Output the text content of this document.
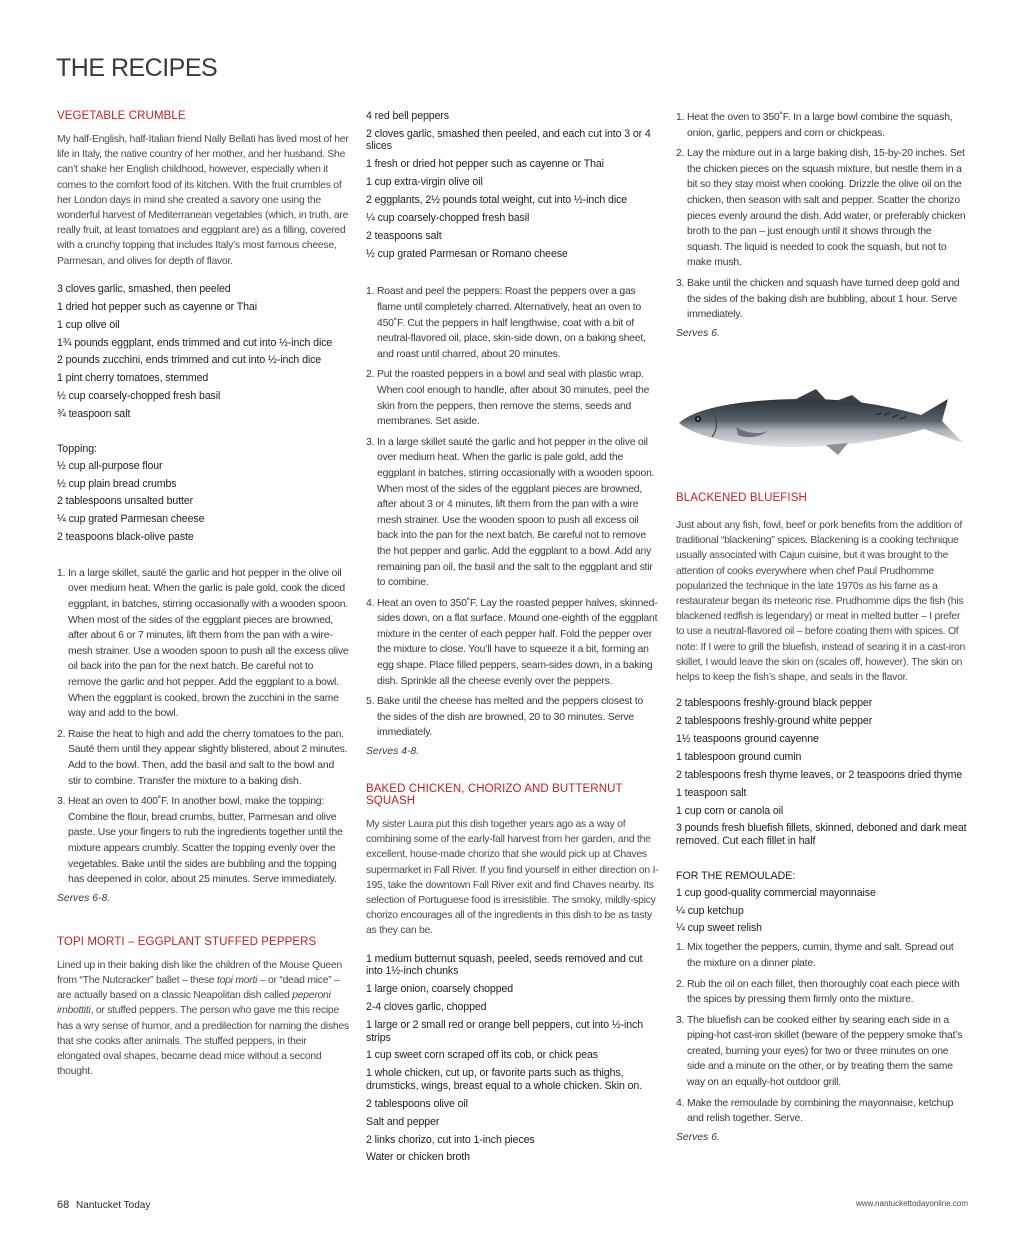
THE RECIPES
VEGETABLE CRUMBLE

My half-English, half-Italian friend Nally Bellati has lived most of her life in Italy, the native country of her mother, and her husband. She can’t shake her English childhood, however, especially when it comes to the comfort food of its kitchen. With the fruit crumbles of her London days in mind she created a savory one using the wonderful harvest of Mediterranean vegetables (which, in truth, are really fruit, at least tomatoes and eggplant are) as a filling, covered with a crunchy topping that includes Italy’s most famous cheese, Parmesan, and olives for depth of flavor.

3 cloves garlic, smashed, then peeled
1 dried hot pepper such as cayenne or Thai
1 cup olive oil
1¾ pounds eggplant, ends trimmed and cut into ½-inch dice
2 pounds zucchini, ends trimmed and cut into ½-inch dice
1 pint cherry tomatoes, stemmed
½ cup coarsely-chopped fresh basil
¾ teaspoon salt

Topping:

½ cup all-purpose flour
½ cup plain bread crumbs
2 tablespoons unsalted butter
¼ cup grated Parmesan cheese
2 teaspoons black-olive paste
1. In a large skillet, sauté the garlic and hot pepper in the olive oil over medium heat. When the garlic is pale gold, cook the diced eggplant, in batches, stirring occasionally with a wooden spoon. When most of the sides of the eggplant pieces are browned, after about 6 or 7 minutes, lift them from the pan with a wire-mesh strainer. Use a wooden spoon to push all the excess olive oil back into the pan for the next batch. Be careful not to remove the garlic and hot pepper. Add the eggplant to a bowl. When the eggplant is cooked, brown the zucchini in the same way and add to the bowl.
2. Raise the heat to high and add the cherry tomatoes to the pan. Sauté them until they appear slightly blistered, about 2 minutes. Add to the bowl. Then, add the basil and salt to the bowl and stir to combine. Transfer the mixture to a baking dish.
3. Heat an oven to 400˚F. In another bowl, make the topping: Combine the flour, bread crumbs, butter, Parmesan and olive paste. Use your fingers to rub the ingredients together until the mixture appears crumbly. Scatter the topping evenly over the vegetables. Bake until the sides are bubbling and the topping has deepened in color, about 25 minutes. Serve immediately.

Serves 6-8.

TOPI MORTI – EGGPLANT STUFFED PEPPERS

Lined up in their baking dish like the children of the Mouse Queen from “The Nutcracker” ballet – these topi morti – or “dead mice” – are actually based on a classic Neapolitan dish called peperoni imbottiti, or stuffed peppers. The person who gave me this recipe has a wry sense of humor, and a predilection for naming the dishes that she cooks after animals. The stuffed peppers, in their elongated oval shapes, became dead mice without a second thought.

4 red bell peppers
2 cloves garlic, smashed then peeled, and each cut into 3 or 4 slices
1 fresh or dried hot pepper such as cayenne or Thai
1 cup extra-virgin olive oil
2 eggplants, 2½ pounds total weight, cut into ½-inch dice
¼ cup coarsely-chopped fresh basil
2 teaspoons salt
½ cup grated Parmesan or Romano cheese
1. Roast and peel the peppers: Roast the peppers over a gas flame until completely charred. Alternatively, heat an oven to 450˚F. Cut the peppers in half lengthwise, coat with a bit of neutral-flavored oil, place, skin-side down, on a baking sheet, and roast until charred, about 20 minutes.
2. Put the roasted peppers in a bowl and seal with plastic wrap. When cool enough to handle, after about 30 minutes, peel the skin from the peppers, then remove the stems, seeds and membranes. Set aside.
3. In a large skillet sauté the garlic and hot pepper in the olive oil over medium heat. When the garlic is pale gold, add the eggplant in batches, stirring occasionally with a wooden spoon. When most of the sides of the eggplant pieces are browned, after about 3 or 4 minutes, lift them from the pan with a wire mesh strainer. Use the wooden spoon to push all excess oil back into the pan for the next batch. Be careful not to remove the hot pepper and garlic. Add the eggplant to a bowl. Add any remaining pan oil, the basil and the salt to the eggplant and stir to combine.
4. Heat an oven to 350˚F. Lay the roasted pepper halves, skinned-sides down, on a flat surface. Mound one-eighth of the eggplant mixture in the center of each pepper half. Fold the pepper over the mixture to close. You’ll have to squeeze it a bit, forming an egg shape. Place filled peppers, seam-sides down, in a baking dish. Sprinkle all the cheese evenly over the peppers.
5. Bake until the cheese has melted and the peppers closest to the sides of the dish are browned, 20 to 30 minutes. Serve immediately.

Serves 4-8.

BAKED CHICKEN, CHORIZO AND BUTTERNUT SQUASH

My sister Laura put this dish together years ago as a way of combining some of the early-fall harvest from her garden, and the excellent, house-made chorizo that she would pick up at Chaves supermarket in Fall River. If you find yourself in either direction on I-195, take the downtown Fall River exit and find Chaves nearby. Its selection of Portuguese food is irresistible. The smoky, mildly-spicy chorizo encourages all of the ingredients in this dish to be as tasty as they can be.

1 medium butternut squash, peeled, seeds removed and cut into 1½-inch chunks
1 large onion, coarsely chopped
2-4 cloves garlic, chopped
1 large or 2 small red or orange bell peppers, cut into ½-inch strips
1 cup sweet corn scraped off its cob, or chick peas
1 whole chicken, cut up, or favorite parts such as thighs, drumsticks, wings, breast equal to a whole chicken. Skin on.
2 tablespoons olive oil
Salt and pepper
2 links chorizo, cut into 1-inch pieces
Water or chicken broth
1. Heat the oven to 350˚F. In a large bowl combine the squash, onion, garlic, peppers and corn or chickpeas.
2. Lay the mixture out in a large baking dish, 15-by-20 inches. Set the chicken pieces on the squash mixture, but nestle them in a bit so they stay moist when cooking. Drizzle the olive oil on the chicken, then season with salt and pepper. Scatter the chorizo pieces evenly around the dish. Add water, or preferably chicken broth to the pan – just enough until it shows through the squash. The liquid is needed to cook the squash, but not to make mush.
3. Bake until the chicken and squash have turned deep gold and the sides of the baking dish are bubbling, about 1 hour. Serve immediately.

Serves 6.

BLACKENED BLUEFISH

Just about any fish, fowl, beef or pork benefits from the addition of traditional “blackening” spices. Blackening is a cooking technique usually associated with Cajun cuisine, but it was brought to the attention of cooks everywhere when chef Paul Prudhomme popularized the technique in the late 1970s as his fame as a restaurateur began its meteoric rise. Prudhomme dips the fish (his blackened redfish is legendary) or meat in melted butter – I prefer to use a neutral-flavored oil – before coating them with spices. Of note: If I were to grill the bluefish, instead of searing it in a cast-iron skillet, I would leave the skin on (scales off, however). The skin on helps to keep the fish’s shape, and seals in the flavor.

2 tablespoons freshly-ground black pepper
2 tablespoons freshly-ground white pepper
1½ teaspoons ground cayenne
1 tablespoon ground cumin
2 tablespoons fresh thyme leaves, or 2 teaspoons dried thyme
1 teaspoon salt
1 cup corn or canola oil
3 pounds fresh bluefish fillets, skinned, deboned and dark meat removed. Cut each fillet in half

FOR THE REMOULADE:

1 cup good-quality commercial mayonnaise
¼ cup ketchup
¼ cup sweet relish
1. Mix together the peppers, cumin, thyme and salt. Spread out the mixture on a dinner plate.
2. Rub the oil on each fillet, then thoroughly coat each piece with the spices by pressing them firmly onto the mixture.
3. The bluefish can be cooked either by searing each side in a piping-hot cast-iron skillet (beware of the peppery smoke that’s created, burning your eyes) for two or three minutes on one side and a minute on the other, or by treating them the same way on an equally-hot outdoor grill.
4. Make the remoulade by combining the mayonnaise, ketchup and relish together. Serve.

Serves 6.

68 Nantucket Today	www.nantuckettodayonline.com
